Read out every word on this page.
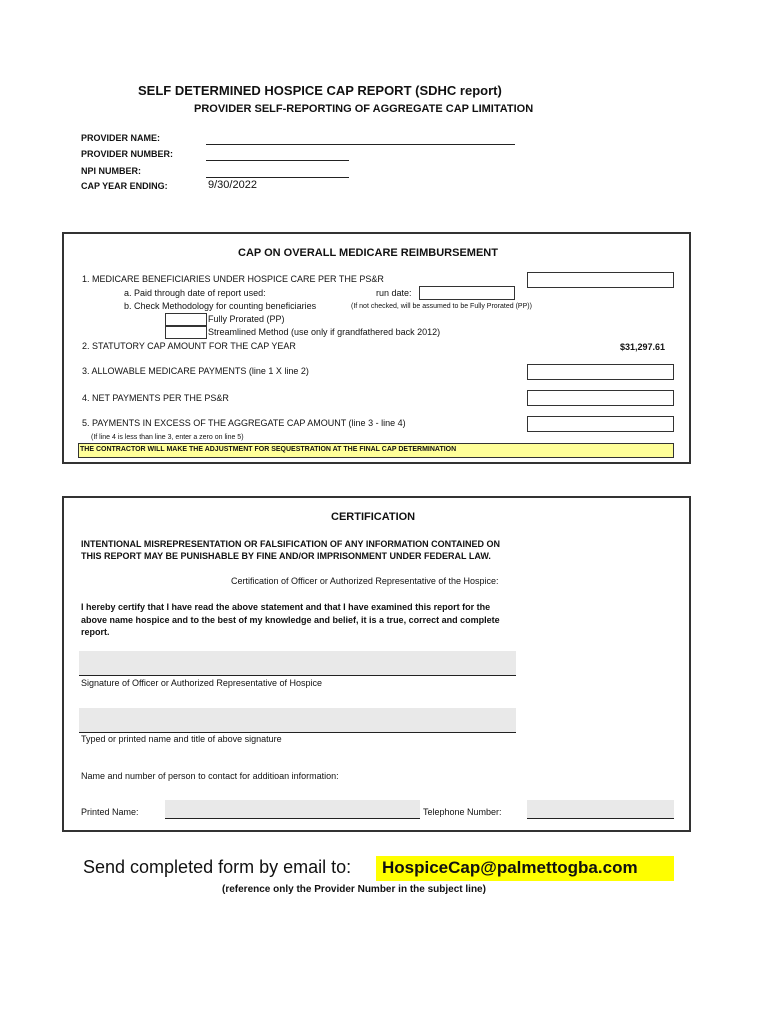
SELF DETERMINED HOSPICE CAP REPORT (SDHC report)
PROVIDER SELF-REPORTING OF AGGREGATE CAP LIMITATION
PROVIDER NAME:
PROVIDER NUMBER:
NPI NUMBER:
CAP YEAR ENDING:	9/30/2022
CAP ON OVERALL MEDICARE REIMBURSEMENT
1. MEDICARE BENEFICIARIES UNDER HOSPICE CARE PER THE PS&R
a. Paid through date of report used:	run date:
b. Check Methodology for counting beneficiaries	(If not checked, will be assumed to be Fully Prorated (PP))
Fully Prorated (PP)
Streamlined Method (use only if grandfathered back 2012)
2. STATUTORY CAP AMOUNT FOR THE CAP YEAR	$31,297.61
3. ALLOWABLE MEDICARE PAYMENTS (line 1 X line 2)
4. NET PAYMENTS PER THE PS&R
5. PAYMENTS IN EXCESS OF THE AGGREGATE CAP AMOUNT (line 3 - line 4)
(If line 4 is less than line 3, enter a zero on line 5)
THE CONTRACTOR WILL MAKE THE ADJUSTMENT FOR SEQUESTRATION AT THE FINAL CAP DETERMINATION
CERTIFICATION
INTENTIONAL MISREPRESENTATION OR FALSIFICATION OF ANY INFORMATION CONTAINED ON
THIS REPORT MAY BE PUNISHABLE BY FINE AND/OR IMPRISONMENT UNDER FEDERAL LAW.
Certification of Officer or Authorized Representative of the Hospice:
I hereby certify that I have read the above statement and that I have examined this report for the
above name hospice and to the best of my knowledge and belief, it is a true, correct and complete
report.
Signature of Officer or Authorized Representative of Hospice
Typed or printed name and title of above signature
Name and number of person to contact for additioan information:
Printed Name:	Telephone Number:
Send completed form by email to: HospiceCap@palmettogba.com
(reference only the Provider Number in the subject line)
